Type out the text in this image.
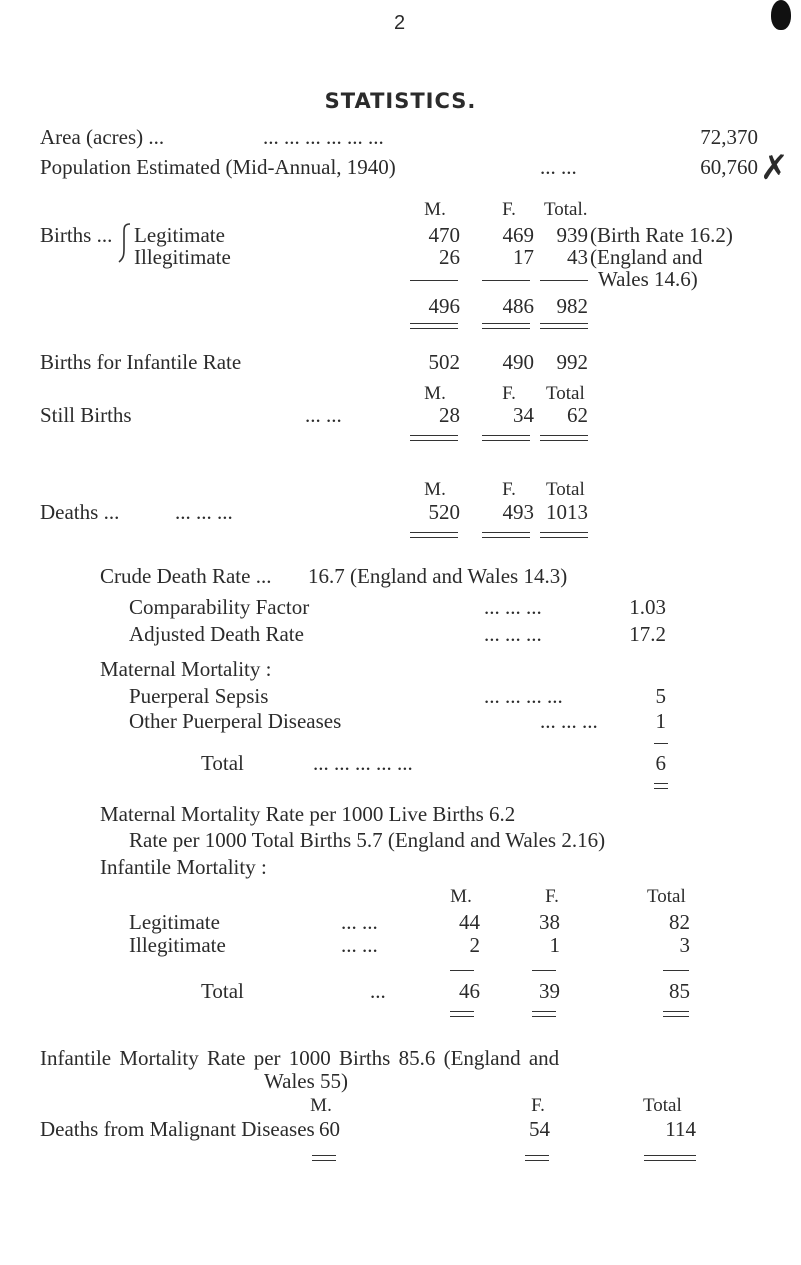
2
STATISTICS.
Area (acres) ...	... ... ... ... ... ...	72,370
Population Estimated (Mid-Annual, 1940)	... ...	60,760 ✗
M.	F.	Total.
Births ... Legitimate	470	469	939 (Birth Rate 16.2)
Illegitimate	26	17	43 (England and
Wales 14.6)
496	486	982
Births for Infantile Rate	502	490	992
M.	F.	Total
Still Births	... ...	28	34	62
M.	F.	Total
Deaths ...	... ... ...	520	493 1013
Crude Death Rate ... 16.7 (England and Wales 14.3)
Comparability Factor	... ... ...	1.03
Adjusted Death Rate	... ... ...	17.2
Maternal Mortality :
Puerperal Sepsis	... ... ... ...	5
Other Puerperal Diseases	... ... ...	1
Total	... ... ... ... ...	6
Maternal Mortality Rate per 1000 Live Births 6.2
Rate per 1000 Total Births 5.7 (England and Wales 2.16)
Infantile Mortality :
M.	F.	Total
Legitimate	... ...	44	38	82
Illegitimate	... ...	2	1	3
Total	...	46	39	85
Infantile Mortality Rate per 1000 Births 85.6 (England and
Wales 55)
M.	F.	Total
Deaths from Malignant Diseases 60	54	114
